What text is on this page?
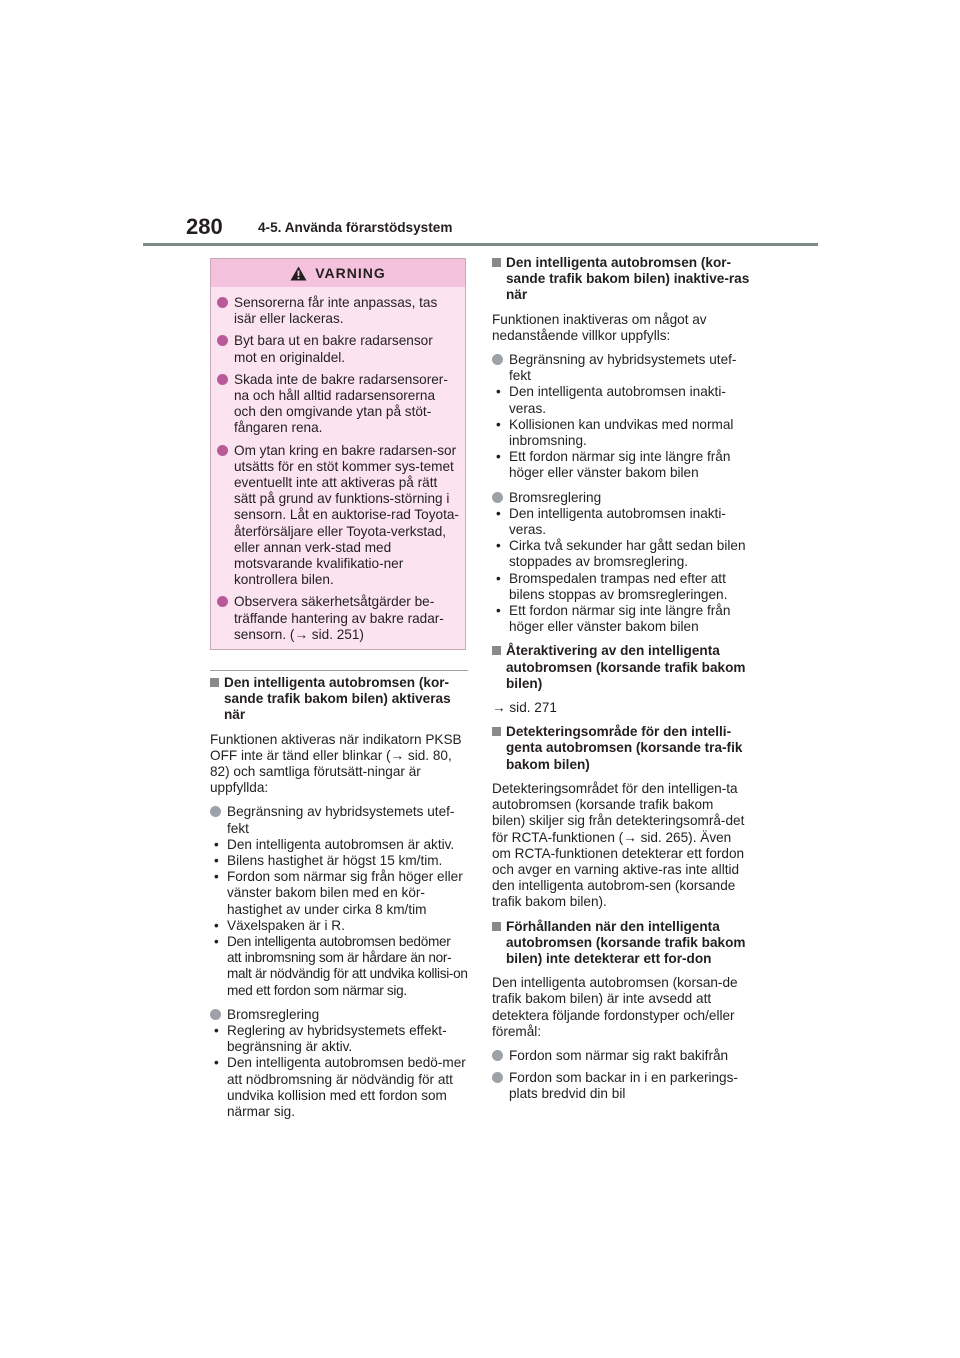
280	4-5. Använda förarstödsystem
VARNING
Sensorerna får inte anpassas, tas isär eller lackeras.
Byt bara ut en bakre radarsensor mot en originaldel.
Skada inte de bakre radarsensorer-na och håll alltid radarsensorerna och den omgivande ytan på stöt-fångaren rena.
Om ytan kring en bakre radarsen-sor utsätts för en stöt kommer sys-temet eventuellt inte att aktiveras på rätt sätt på grund av funktions-störning i sensorn. Låt en auktorise-rad Toyota-återförsäljare eller Toyota-verkstad, eller annan verk-stad med motsvarande kvalifikatio-ner kontrollera bilen.
Observera säkerhetsåtgärder be-träffande hantering av bakre radar-sensorn. (→ sid. 251)
Den intelligenta autobromsen (kor-sande trafik bakom bilen) aktiveras när
Funktionen aktiveras när indikatorn PKSB OFF inte är tänd eller blinkar (→ sid. 80, 82) och samtliga förutsätt-ningar är uppfyllda:
Begränsning av hybridsystemets utef-fekt
• Den intelligenta autobromsen är aktiv.
• Bilens hastighet är högst 15 km/tim.
• Fordon som närmar sig från höger eller vänster bakom bilen med en kör-hastighet av under cirka 8 km/tim
• Växelspaken är i R.
• Den intelligenta autobromsen bedömer att inbromsning som är hårdare än nor-malt är nödvändig för att undvika kollisi-on med ett fordon som närmar sig.
Bromsreglering
• Reglering av hybridsystemets effekt-begränsning är aktiv.
• Den intelligenta autobromsen bedö-mer att nödbromsning är nödvändig för att undvika kollision med ett fordon som närmar sig.
Den intelligenta autobromsen (kor-sande trafik bakom bilen) inaktive-ras när
Funktionen inaktiveras om något av nedanstående villkor uppfylls:
Begränsning av hybridsystemets utef-fekt
• Den intelligenta autobromsen inakti-veras.
• Kollisionen kan undvikas med normal inbromsning.
• Ett fordon närmar sig inte längre från höger eller vänster bakom bilen
Bromsreglering
• Den intelligenta autobromsen inakti-veras.
• Cirka två sekunder har gått sedan bilen stoppades av bromsreglering.
• Bromspedalen trampas ned efter att bilens stoppas av bromsregleringen.
• Ett fordon närmar sig inte längre från höger eller vänster bakom bilen
Återaktivering av den intelligenta autobromsen (korsande trafik bakom bilen)
→ sid. 271
Detekteringsområde för den intelli-genta autobromsen (korsande tra-fik bakom bilen)
Detekteringsområdet för den intelligen-ta autobromsen (korsande trafik bakom bilen) skiljer sig från detekteringsområ-det för RCTA-funktionen (→ sid. 265). Även om RCTA-funktionen detekterar ett fordon och avger en varning aktive-ras inte alltid den intelligenta autobrom-sen (korsande trafik bakom bilen).
Förhållanden när den intelligenta autobromsen (korsande trafik bakom bilen) inte detekterar ett for-don
Den intelligenta autobromsen (korsan-de trafik bakom bilen) är inte avsedd att detektera följande fordonstyper och/eller föremål:
Fordon som närmar sig rakt bakifrån
Fordon som backar in i en parkerings-plats bredvid din bil
